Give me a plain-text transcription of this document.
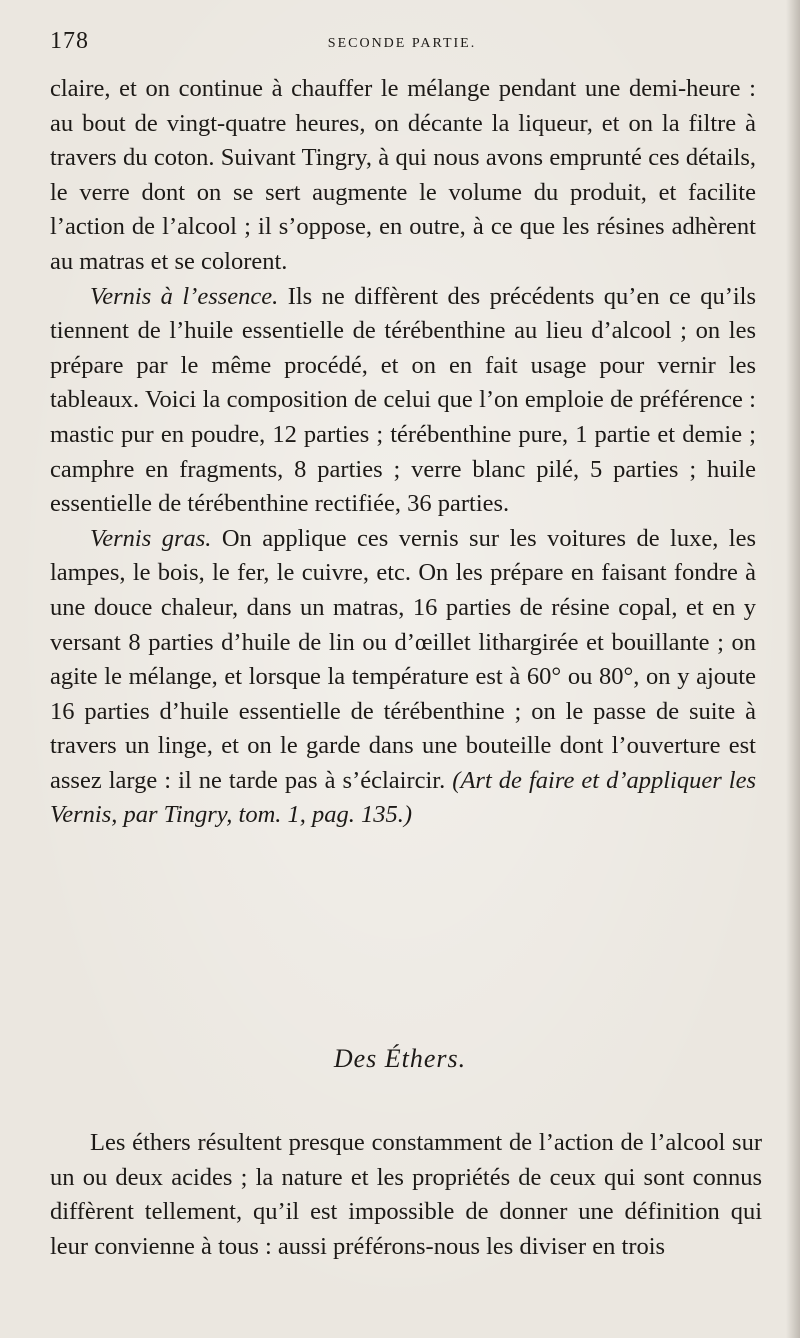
178	SECONDE PARTIE.

claire, et on continue à chauffer le mélange pendant une demi-heure : au bout de vingt-quatre heures, on décante la liqueur, et on la filtre à travers du coton. Suivant Tingry, à qui nous avons emprunté ces détails, le verre dont on se sert augmente le volume du produit, et facilite l’action de l’alcool ; il s’oppose, en outre, à ce que les résines adhèrent au matras et se colorent.

Vernis à l’essence. Ils ne diffèrent des précédents qu’en ce qu’ils tiennent de l’huile essentielle de térébenthine au lieu d’alcool ; on les prépare par le même procédé, et on en fait usage pour vernir les tableaux. Voici la composition de celui que l’on emploie de préférence : mastic pur en poudre, 12 parties ; térébenthine pure, 1 partie et demie ; camphre en fragments, 8 parties ; verre blanc pilé, 5 parties ; huile essentielle de térébenthine rectifiée, 36 parties.

Vernis gras. On applique ces vernis sur les voitures de luxe, les lampes, le bois, le fer, le cuivre, etc. On les prépare en faisant fondre à une douce chaleur, dans un matras, 16 parties de résine copal, et en y versant 8 parties d’huile de lin ou d’œillet lithargirée et bouillante ; on agite le mélange, et lorsque la température est à 60° ou 80°, on y ajoute 16 parties d’huile essentielle de térébenthine ; on le passe de suite à travers un linge, et on le garde dans une bouteille dont l’ouverture est assez large : il ne tarde pas à s’éclaircir. (Art de faire et d’appliquer les Vernis, par Tingry, tom. 1, pag. 135.)

Des Éthers.

Les éthers résultent presque constamment de l’action de l’alcool sur un ou deux acides ; la nature et les propriétés de ceux qui sont connus diffèrent tellement, qu’il est impossible de donner une définition qui leur convienne à tous : aussi préférons-nous les diviser en trois
